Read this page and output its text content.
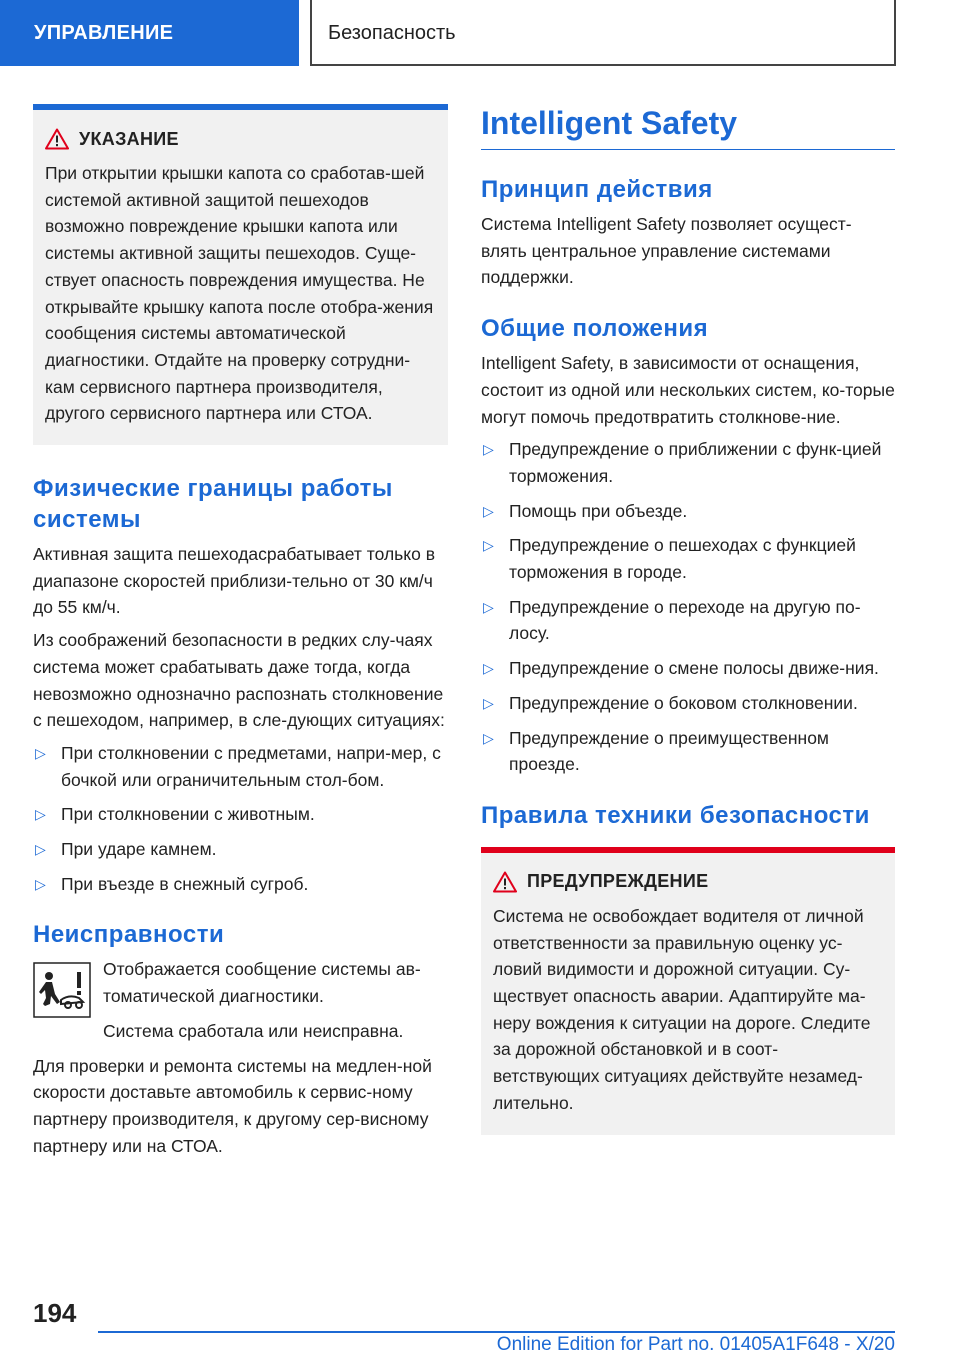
УПРАВЛЕНИЕ	Безопасность
УКАЗАНИЕ
При открытии крышки капота со сработав-шей системой активной защитой пешеходов возможно повреждение крышки капота или системы активной защиты пешеходов. Суще-ствует опасность повреждения имущества. Не открывайте крышку капота после отобра-жения сообщения системы автоматической диагностики. Отдайте на проверку сотрудни-кам сервисного партнера производителя, другого сервисного партнера или СТОА.
Физические границы работы системы

Активная защита пешеходасрабатывает только в диапазоне скоростей приблизи-тельно от 30 км/ч до 55 км/ч.

Из соображений безопасности в редких слу-чаях система может срабатывать даже тогда, когда невозможно однозначно распознать столкновение с пешеходом, например, в сле-дующих ситуациях:

▷ При столкновении с предметами, напри-мер, с бочкой или ограничительным стол-бом.
▷ При столкновении с животным.
▷ При ударе камнем.
▷ При въезде в снежный сугроб.
Неисправности

Отображается сообщение системы ав-томатической диагностики.

Система сработала или неисправна.

Для проверки и ремонта системы на медлен-ной скорости доставьте автомобиль к сервис-ному партнеру производителя, к другому сер-висному партнеру или на СТОА.

Intelligent Safety
Принцип действия

Система Intelligent Safety позволяет осущест-влять центральное управление системами поддержки.

Общие положения

Intelligent Safety, в зависимости от оснащения, состоит из одной или нескольких систем, ко-торые могут помочь предотвратить столкнове-ние.

▷ Предупреждение о приближении с функ-цией торможения.
▷ Помощь при объезде.
▷ Предупреждение о пешеходах с функцией торможения в городе.
▷ Предупреждение о переходе на другую по-лосу.
▷ Предупреждение о смене полосы движе-ния.
▷ Предупреждение о боковом столкновении.
▷ Предупреждение о преимущественном проезде.
Правила техники безопасности
ПРЕДУПРЕЖДЕНИЕ
Система не освобождает водителя от личной ответственности за правильную оценку ус-ловий видимости и дорожной ситуации. Су-ществует опасность аварии. Адаптируйте ма-неру вождения к ситуации на дороге. Следите за дорожной обстановкой и в соот-ветствующих ситуациях действуйте незамед-лительно.
194
Online Edition for Part no. 01405A1F648 - X/20
